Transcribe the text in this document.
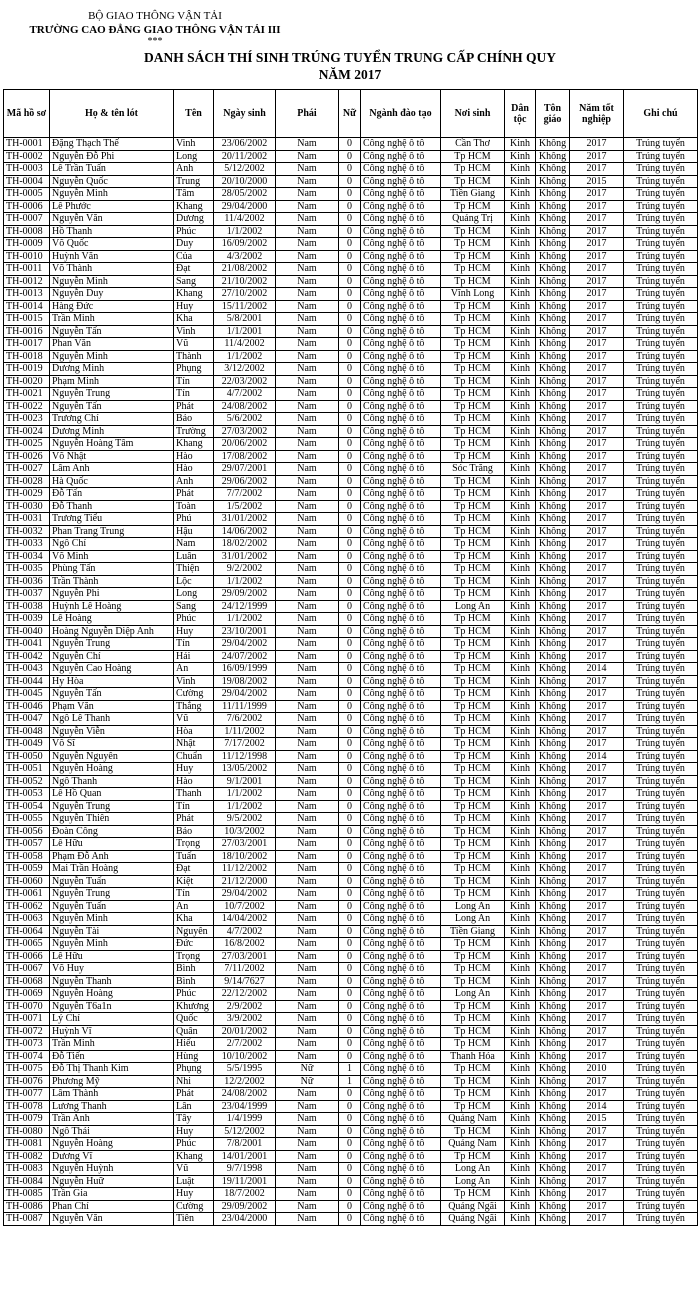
BỘ GIAO THÔNG VẬN TẢI
TRƯỜNG CAO ĐẲNG GIAO THÔNG VẬN TẢI III
***
DANH SÁCH THÍ SINH TRÚNG TUYỂN TRUNG CẤP CHÍNH QUY
NĂM 2017
Mã hồ sơ	Họ & tên lót	Tên	Ngày sinh	Phái	Nữ	Ngành đào tạo	Nơi sinh	Dân tộc	Tôn giáo	Năm tốt nghiệp	Ghi chú
TH-0001	Đặng Thạch Thế	Vinh	23/06/2002	Nam	0	Công nghệ ô tô	Cần Thơ	Kinh	Không	2017	Trúng tuyển
TH-0002	Nguyễn Đỗ Phi	Long	20/11/2002	Nam	0	Công nghệ ô tô	Tp HCM	Kinh	Không	2017	Trúng tuyển
TH-0003	Lê Trần Tuấn	Anh	5/12/2002	Nam	0	Công nghệ ô tô	Tp HCM	Kinh	Không	2017	Trúng tuyển
TH-0004	Nguyễn Quốc	Trung	20/10/2000	Nam	0	Công nghệ ô tô	Tp HCM	Kinh	Không	2015	Trúng tuyển
TH-0005	Nguyễn Minh	Tâm	28/05/2002	Nam	0	Công nghệ ô tô	Tiền Giang	Kinh	Không	2017	Trúng tuyển
TH-0006	Lê Phước	Khang	29/04/2000	Nam	0	Công nghệ ô tô	Tp HCM	Kinh	Không	2017	Trúng tuyển
TH-0007	Nguyễn Văn	Dương	11/4/2002	Nam	0	Công nghệ ô tô	Quảng Trị	Kinh	Không	2017	Trúng tuyển
TH-0008	Hồ Thanh	Phúc	1/1/2002	Nam	0	Công nghệ ô tô	Tp HCM	Kinh	Không	2017	Trúng tuyển
TH-0009	Võ Quốc	Duy	16/09/2002	Nam	0	Công nghệ ô tô	Tp HCM	Kinh	Không	2017	Trúng tuyển
TH-0010	Huỳnh Văn	Của	4/3/2002	Nam	0	Công nghệ ô tô	Tp HCM	Kinh	Không	2017	Trúng tuyển
TH-0011	Võ Thành	Đạt	21/08/2002	Nam	0	Công nghệ ô tô	Tp HCM	Kinh	Không	2017	Trúng tuyển
TH-0012	Nguyễn Minh	Sang	21/10/2002	Nam	0	Công nghệ ô tô	Tp HCM	Kinh	Không	2017	Trúng tuyển
TH-0013	Nguyễn Duy	Khang	27/10/2002	Nam	0	Công nghệ ô tô	Vĩnh Long	Kinh	Không	2017	Trúng tuyển
TH-0014	Hàng Đức	Huy	15/11/2002	Nam	0	Công nghệ ô tô	Tp HCM	Kinh	Không	2017	Trúng tuyển
TH-0015	Trần Minh	Kha	5/8/2001	Nam	0	Công nghệ ô tô	Tp HCM	Kinh	Không	2017	Trúng tuyển
TH-0016	Nguyễn Tấn	Vinh	1/1/2001	Nam	0	Công nghệ ô tô	Tp HCM	Kinh	Không	2017	Trúng tuyển
TH-0017	Phan Văn	Vũ	11/4/2002	Nam	0	Công nghệ ô tô	Tp HCM	Kinh	Không	2017	Trúng tuyển
TH-0018	Nguyễn Minh	Thành	1/1/2002	Nam	0	Công nghệ ô tô	Tp HCM	Kinh	Không	2017	Trúng tuyển
TH-0019	Dương Minh	Phụng	3/12/2002	Nam	0	Công nghệ ô tô	Tp HCM	Kinh	Không	2017	Trúng tuyển
TH-0020	Phạm Minh	Tín	22/03/2002	Nam	0	Công nghệ ô tô	Tp HCM	Kinh	Không	2017	Trúng tuyển
TH-0021	Nguyễn Trung	Tín	4/7/2002	Nam	0	Công nghệ ô tô	Tp HCM	Kinh	Không	2017	Trúng tuyển
TH-0022	Nguyễn Tấn	Phát	24/08/2002	Nam	0	Công nghệ ô tô	Tp HCM	Kinh	Không	2017	Trúng tuyển
TH-0023	Trương Chí	Bảo	5/6/2002	Nam	0	Công nghệ ô tô	Tp HCM	Kinh	Không	2017	Trúng tuyển
TH-0024	Dương Minh	Trường	27/03/2002	Nam	0	Công nghệ ô tô	Tp HCM	Kinh	Không	2017	Trúng tuyển
TH-0025	Nguyễn Hoàng Tâm	Khang	20/06/2002	Nam	0	Công nghệ ô tô	Tp HCM	Kinh	Không	2017	Trúng tuyển
TH-0026	Võ Nhật	Hào	17/08/2002	Nam	0	Công nghệ ô tô	Tp HCM	Kinh	Không	2017	Trúng tuyển
TH-0027	Lâm Anh	Hào	29/07/2001	Nam	0	Công nghệ ô tô	Sóc Trăng	Kinh	Không	2017	Trúng tuyển
TH-0028	Hà Quốc	Anh	29/06/2002	Nam	0	Công nghệ ô tô	Tp HCM	Kinh	Không	2017	Trúng tuyển
TH-0029	Đỗ Tấn	Phát	7/7/2002	Nam	0	Công nghệ ô tô	Tp HCM	Kinh	Không	2017	Trúng tuyển
TH-0030	Đỗ Thanh	Toàn	1/5/2002	Nam	0	Công nghệ ô tô	Tp HCM	Kinh	Không	2017	Trúng tuyển
TH-0031	Trương Tiểu	Phú	31/01/2002	Nam	0	Công nghệ ô tô	Tp HCM	Kinh	Không	2017	Trúng tuyển
TH-0032	Phan Trang Trung	Hậu	14/06/2002	Nam	0	Công nghệ ô tô	Tp HCM	Kinh	Không	2017	Trúng tuyển
TH-0033	Ngô Chí	Nam	18/02/2002	Nam	0	Công nghệ ô tô	Tp HCM	Kinh	Không	2017	Trúng tuyển
TH-0034	Võ Minh	Luân	31/01/2002	Nam	0	Công nghệ ô tô	Tp HCM	Kinh	Không	2017	Trúng tuyển
TH-0035	Phùng Tấn	Thiện	9/2/2002	Nam	0	Công nghệ ô tô	Tp HCM	Kinh	Không	2017	Trúng tuyển
TH-0036	Trần Thành	Lộc	1/1/2002	Nam	0	Công nghệ ô tô	Tp HCM	Kinh	Không	2017	Trúng tuyển
TH-0037	Nguyễn Phi	Long	29/09/2002	Nam	0	Công nghệ ô tô	Tp HCM	Kinh	Không	2017	Trúng tuyển
TH-0038	Huỳnh Lê Hoàng	Sang	24/12/1999	Nam	0	Công nghệ ô tô	Long An	Kinh	Không	2017	Trúng tuyển
TH-0039	Lê Hoàng	Phúc	1/1/2002	Nam	0	Công nghệ ô tô	Tp HCM	Kinh	Không	2017	Trúng tuyển
TH-0040	Hoàng Nguyễn Diệp Anh	Huy	23/10/2001	Nam	0	Công nghệ ô tô	Tp HCM	Kinh	Không	2017	Trúng tuyển
TH-0041	Nguyễn Trung	Tín	29/04/2002	Nam	0	Công nghệ ô tô	Tp HCM	Kinh	Không	2017	Trúng tuyển
TH-0042	Nguyễn Chí	Hải	24/07/2002	Nam	0	Công nghệ ô tô	Tp HCM	Kinh	Không	2017	Trúng tuyển
TH-0043	Nguyễn Cao Hoàng	An	16/09/1999	Nam	0	Công nghệ ô tô	Tp HCM	Kinh	Không	2014	Trúng tuyển
TH-0044	Hy Hòa	Vinh	19/08/2002	Nam	0	Công nghệ ô tô	Tp HCM	Kinh	Không	2017	Trúng tuyển
TH-0045	Nguyễn Tấn	Cường	29/04/2002	Nam	0	Công nghệ ô tô	Tp HCM	Kinh	Không	2017	Trúng tuyển
TH-0046	Phạm Văn	Thắng	11/11/1999	Nam	0	Công nghệ ô tô	Tp HCM	Kinh	Không	2017	Trúng tuyển
TH-0047	Ngô Lê Thanh	Vũ	7/6/2002	Nam	0	Công nghệ ô tô	Tp HCM	Kinh	Không	2017	Trúng tuyển
TH-0048	Nguyễn Viễn	Hòa	1/11/2002	Nam	0	Công nghệ ô tô	Tp HCM	Kinh	Không	2017	Trúng tuyển
TH-0049	Võ Sĩ	Nhật	7/17/2002	Nam	0	Công nghệ ô tô	Tp HCM	Kinh	Không	2017	Trúng tuyển
TH-0050	Nguyễn Nguyên	Chuẩn	11/12/1998	Nam	0	Công nghệ ô tô	Tp HCM	Kinh	Không	2014	Trúng tuyển
TH-0051	Nguyễn Hoàng	Huy	13/05/2002	Nam	0	Công nghệ ô tô	Tp HCM	Kinh	Không	2017	Trúng tuyển
TH-0052	Ngô Thanh	Hào	9/1/2001	Nam	0	Công nghệ ô tô	Tp HCM	Kinh	Không	2017	Trúng tuyển
TH-0053	Lê Hồ Quan	Thanh	1/1/2002	Nam	0	Công nghệ ô tô	Tp HCM	Kinh	Không	2017	Trúng tuyển
TH-0054	Nguyễn Trung	Tín	1/1/2002	Nam	0	Công nghệ ô tô	Tp HCM	Kinh	Không	2017	Trúng tuyển
TH-0055	Nguyễn Thiên	Phát	9/5/2002	Nam	0	Công nghệ ô tô	Tp HCM	Kinh	Không	2017	Trúng tuyển
TH-0056	Đoàn Công	Bảo	10/3/2002	Nam	0	Công nghệ ô tô	Tp HCM	Kinh	Không	2017	Trúng tuyển
TH-0057	Lê Hữu	Trọng	27/03/2001	Nam	0	Công nghệ ô tô	Tp HCM	Kinh	Không	2017	Trúng tuyển
TH-0058	Phạm Đỗ Anh	Tuấn	18/10/2002	Nam	0	Công nghệ ô tô	Tp HCM	Kinh	Không	2017	Trúng tuyển
TH-0059	Mai Trần Hoàng	Đạt	11/12/2002	Nam	0	Công nghệ ô tô	Tp HCM	Kinh	Không	2017	Trúng tuyển
TH-0060	Nguyễn Tuấn	Kiệt	21/12/2000	Nam	0	Công nghệ ô tô	Tp HCM	Kinh	Không	2017	Trúng tuyển
TH-0061	Nguyễn Trung	Tín	29/04/2002	Nam	0	Công nghệ ô tô	Tp HCM	Kinh	Không	2017	Trúng tuyển
TH-0062	Nguyễn Tuấn	An	10/7/2002	Nam	0	Công nghệ ô tô	Long An	Kinh	Không	2017	Trúng tuyển
TH-0063	Nguyễn Minh	Kha	14/04/2002	Nam	0	Công nghệ ô tô	Long An	Kinh	Không	2017	Trúng tuyển
TH-0064	Nguyễn Tài	Nguyên	4/7/2002	Nam	0	Công nghệ ô tô	Tiền Giang	Kinh	Không	2017	Trúng tuyển
TH-0065	Nguyễn Minh	Đức	16/8/2002	Nam	0	Công nghệ ô tô	Tp HCM	Kinh	Không	2017	Trúng tuyển
TH-0066	Lê Hữu	Trọng	27/03/2001	Nam	0	Công nghệ ô tô	Tp HCM	Kinh	Không	2017	Trúng tuyển
TH-0067	Võ Huy	Bình	7/11/2002	Nam	0	Công nghệ ô tô	Tp HCM	Kinh	Không	2017	Trúng tuyển
TH-0068	Nguyễn Thanh	Bình	9/14/7627	Nam	0	Công nghệ ô tô	Tp HCM	Kinh	Không	2017	Trúng tuyển
TH-0069	Nguyễn Hoàng	Phúc	22/12/2002	Nam	0	Công nghệ ô tô	Long An	Kinh	Không	2017	Trúng tuyển
TH-0070	Nguyễn T6a1n	Khương	2/9/2002	Nam	0	Công nghệ ô tô	Tp HCM	Kinh	Không	2017	Trúng tuyển
TH-0071	Lý Chí	Quốc	3/9/2002	Nam	0	Công nghệ ô tô	Tp HCM	Kinh	Không	2017	Trúng tuyển
TH-0072	Huỳnh Vĩ	Quân	20/01/2002	Nam	0	Công nghệ ô tô	Tp HCM	Kinh	Không	2017	Trúng tuyển
TH-0073	Trần Minh	Hiếu	2/7/2002	Nam	0	Công nghệ ô tô	Tp HCM	Kinh	Không	2017	Trúng tuyển
TH-0074	Đỗ Tiến	Hùng	10/10/2002	Nam	0	Công nghệ ô tô	Thanh Hóa	Kinh	Không	2017	Trúng tuyển
TH-0075	Đỗ Thị Thanh Kim	Phụng	5/5/1995	Nữ	1	Công nghệ ô tô	Tp HCM	Kinh	Không	2010	Trúng tuyển
TH-0076	Phương Mỹ	Nhi	12/2/2002	Nữ	1	Công nghệ ô tô	Tp HCM	Kinh	Không	2017	Trúng tuyển
TH-0077	Lâm Thành	Phát	24/08/2002	Nam	0	Công nghệ ô tô	Tp HCM	Kinh	Không	2017	Trúng tuyển
TH-0078	Lương Thanh	Lân	23/04/1999	Nam	0	Công nghệ ô tô	Tp HCM	Kinh	Không	2014	Trúng tuyển
TH-0079	Trần Anh	Tây	1/4/1999	Nam	0	Công nghệ ô tô	Quảng Nam	Kinh	Không	2015	Trúng tuyển
TH-0080	Ngô Thái	Huy	5/12/2002	Nam	0	Công nghệ ô tô	Tp HCM	Kinh	Không	2017	Trúng tuyển
TH-0081	Nguyễn Hoàng	Phúc	7/8/2001	Nam	0	Công nghệ ô tô	Quảng Nam	Kinh	Không	2017	Trúng tuyển
TH-0082	Dương Vĩ	Khang	14/01/2001	Nam	0	Công nghệ ô tô	Tp HCM	Kinh	Không	2017	Trúng tuyển
TH-0083	Nguyễn Huỳnh	Vũ	9/7/1998	Nam	0	Công nghệ ô tô	Long An	Kinh	Không	2017	Trúng tuyển
TH-0084	Nguyễn Huữ	Luật	19/11/2001	Nam	0	Công nghệ ô tô	Long An	Kinh	Không	2017	Trúng tuyển
TH-0085	Trần Gia	Huy	18/7/2002	Nam	0	Công nghệ ô tô	Tp HCM	Kinh	Không	2017	Trúng tuyển
TH-0086	Phan Chí	Cường	29/09/2002	Nam	0	Công nghệ ô tô	Quảng Ngãi	Kinh	Không	2017	Trúng tuyển
TH-0087	Nguyễn Văn	Tiên	23/04/2000	Nam	0	Công nghệ ô tô	Quảng Ngãi	Kinh	Không	2017	Trúng tuyển
